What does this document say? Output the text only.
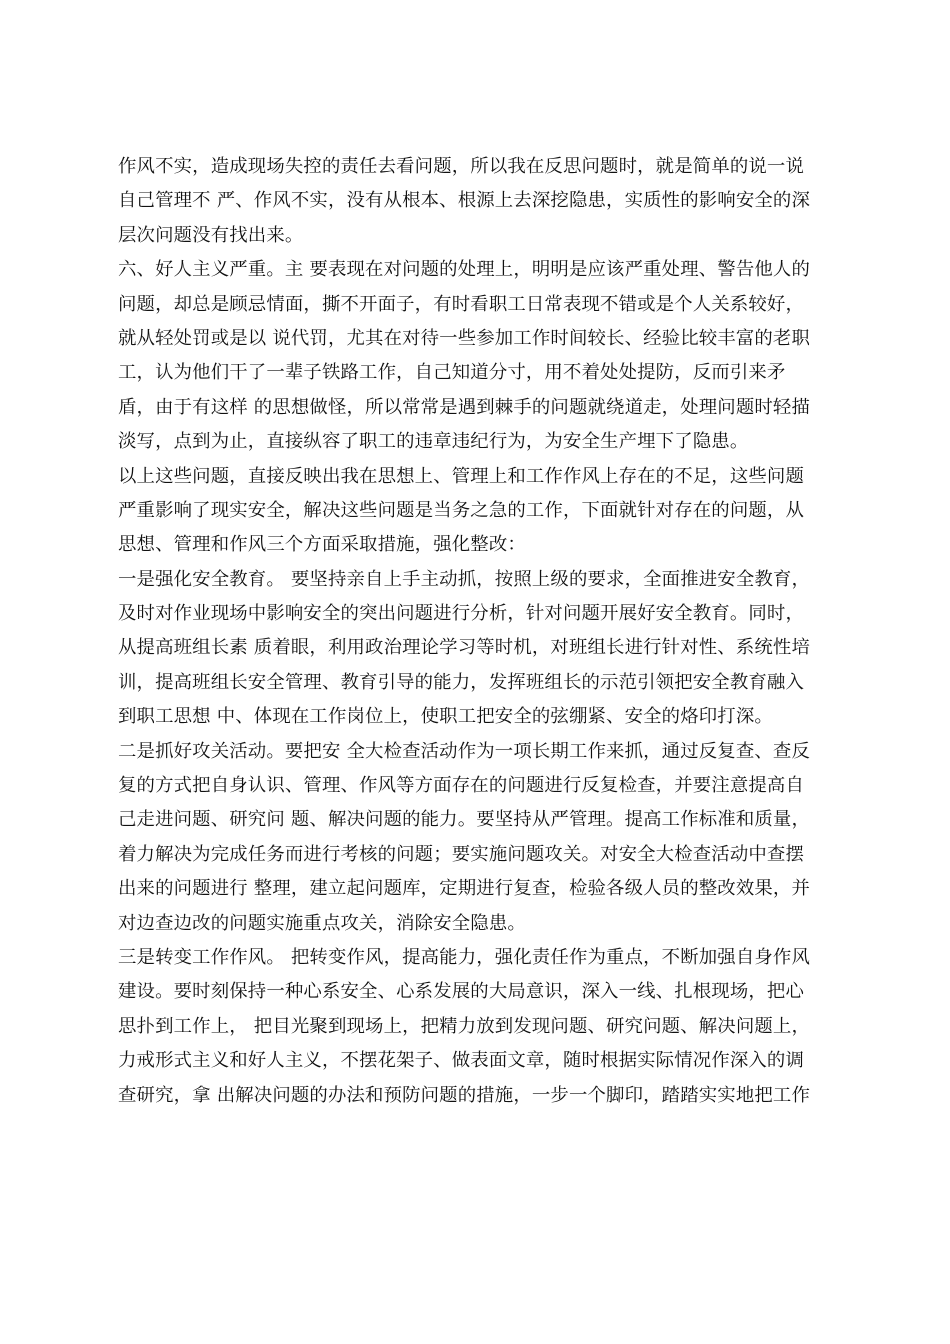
作风不实，造成现场失控的责任去看问题，所以我在反思问题时，就是简单的说一说
自己管理不 严、作风不实，没有从根本、根源上去深挖隐患，实质性的影响安全的深
层次问题没有找出来。
六、好人主义严重。主 要表现在对问题的处理上，明明是应该严重处理、警告他人的
问题，却总是顾忌情面，撕不开面子，有时看职工日常表现不错或是个人关系较好，
就从轻处罚或是以 说代罚，尤其在对待一些参加工作时间较长、经验比较丰富的老职
工，认为他们干了一辈子铁路工作，自己知道分寸，用不着处处提防，反而引来矛
盾，由于有这样 的思想做怪，所以常常是遇到棘手的问题就绕道走，处理问题时轻描
淡写，点到为止，直接纵容了职工的违章违纪行为，为安全生产埋下了隐患。
以上这些问题，直接反映出我在思想上、管理上和工作作风上存在的不足，这些问题
严重影响了现实安全，解决这些问题是当务之急的工作，下面就针对存在的问题，从
思想、管理和作风三个方面采取措施，强化整改：
一是强化安全教育。 要坚持亲自上手主动抓，按照上级的要求，全面推进安全教育，
及时对作业现场中影响安全的突出问题进行分析，针对问题开展好安全教育。同时，
从提高班组长素 质着眼，利用政治理论学习等时机，对班组长进行针对性、系统性培
训，提高班组长安全管理、教育引导的能力，发挥班组长的示范引领把安全教育融入
到职工思想 中、体现在工作岗位上，使职工把安全的弦绷紧、安全的烙印打深。
二是抓好攻关活动。要把安 全大检查活动作为一项长期工作来抓，通过反复查、查反
复的方式把自身认识、管理、作风等方面存在的问题进行反复检查，并要注意提高自
己走进问题、研究问 题、解决问题的能力。要坚持从严管理。提高工作标准和质量，
着力解决为完成任务而进行考核的问题；要实施问题攻关。对安全大检查活动中查摆
出来的问题进行 整理，建立起问题库，定期进行复查，检验各级人员的整改效果，并
对边查边改的问题实施重点攻关，消除安全隐患。
三是转变工作作风。 把转变作风，提高能力，强化责任作为重点，不断加强自身作风
建设。要时刻保持一种心系安全、心系发展的大局意识，深入一线、扎根现场，把心
思扑到工作上， 把目光聚到现场上，把精力放到发现问题、研究问题、解决问题上，
力戒形式主义和好人主义，不摆花架子、做表面文章，随时根据实际情况作深入的调
查研究，拿 出解决问题的办法和预防问题的措施，一步一个脚印，踏踏实实地把工作
